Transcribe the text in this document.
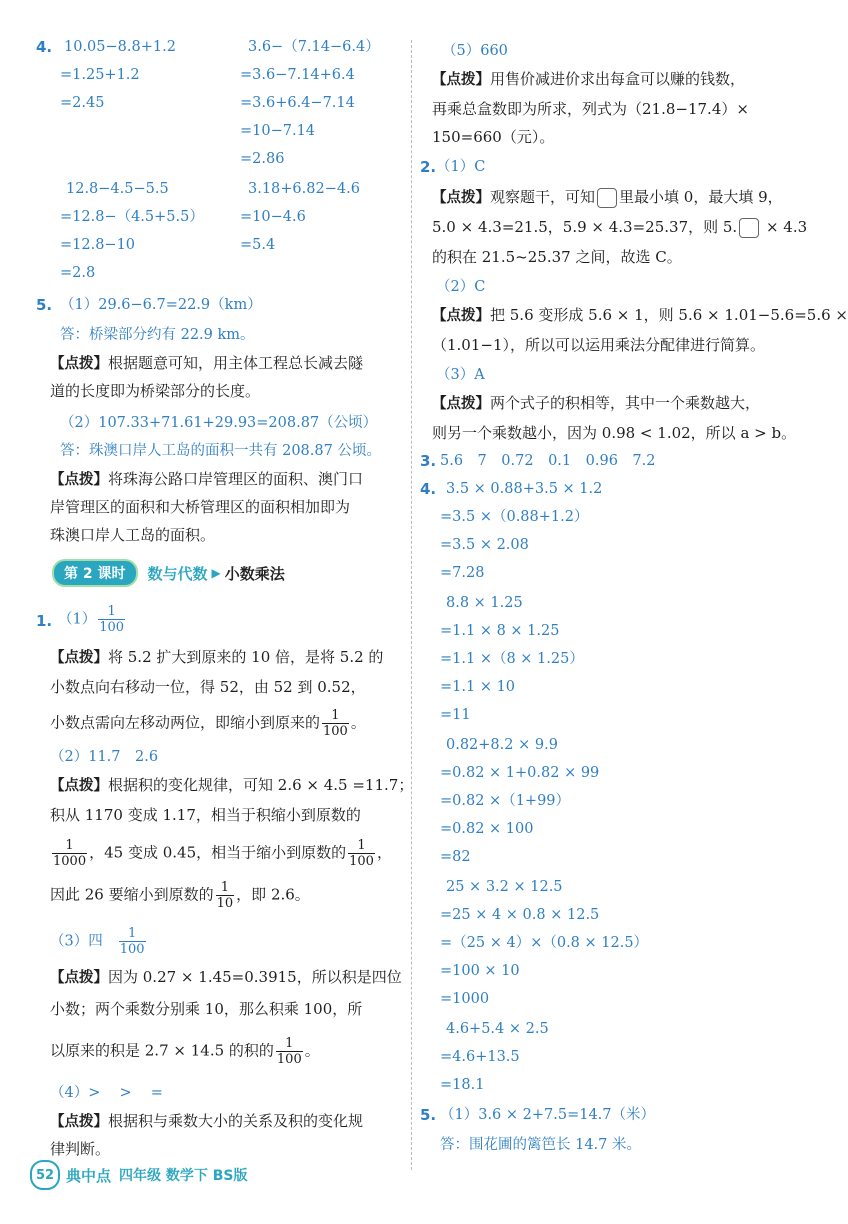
4. 10.05−8.8+1.2
=1.25+1.2
=2.45
3.6−（7.14−6.4）
=3.6−7.14+6.4
=3.6+6.4−7.14
=10−7.14
=2.86
12.8−4.5−5.5
=12.8−（4.5+5.5）
=12.8−10
=2.8
3.18+6.82−4.6
=10−4.6
=5.4
5. （1）29.6−6.7=22.9（km）
答：桥梁部分约有 22.9 km。
【点拨】根据题意可知，用主体工程总长减去隧
道的长度即为桥梁部分的长度。
（2）107.33+71.61+29.93=208.87（公顷）
答：珠澳口岸人工岛的面积一共有 208.87 公顷。
【点拨】将珠海公路口岸管理区的面积、澳门口
岸管理区的面积和大桥管理区的面积相加即为
珠澳口岸人工岛的面积。
1. $(1) \frac{1}{100}$
【点拨】将 5.2 扩大到原来的 10 倍，是将 5.2 的
小数点向右移动一位，得 52，由 52 到 0.52，
小数点需向左移动两位，即缩小到原来的 $\frac{1}{100}$ 。
（2）11.7　2.6
【点拨】根据积的变化规律，可知 2.6 × 4.5 =11.7；
积从 1170 变成 1.17，相当于积缩小到原数的
$\frac{1}{1000}$ ，45 变成 0.45，相当于缩小到原数的 $\frac{1}{100}$ ，
因此 26 要缩小到原数的 $\frac{1}{10}$ ，即 2.6。
（3）四 $\frac{1}{100}$
【点拨】因为 0.27 × 1.45=0.3915，所以积是四位
小数；两个乘数分别乘 10，那么积乘 100，所
以原来的积是 2.7 × 14.5 的积的 $\frac{1}{100}$ 。
（4）>　 >　 =
【点拨】根据积与乘数大小的关系及积的变化规
律判断。
第 2 课时	数与代数 ▶ 小数乘法
（5）660
【点拨】用售价减进价求出每盒可以赚的钱数，
再乘总盒数即为所求，列式为（21.8−17.4）×
150=660（元）。
2. （1）C
【点拨】观察题干，可知 里最小填 0，最大填 9，
5.0 × 4.3=21.5，5.9 × 4.3=25.37，则 5. × 4.3
的积在 21.5~25.37 之间，故选 C。
（2）C
【点拨】把 5.6 变形成 5.6 × 1，则 5.6 × 1.01−5.6=5.6 ×
（1.01−1），所以可以运用乘法分配律进行简算。
（3）A
【点拨】两个式子的积相等，其中一个乘数越大，
则另一个乘数越小，因为 0.98 < 1.02，所以 a > b。
3. 5.6　7　0.72　0.1　0.96　7.2
4. 3.5 × 0.88+3.5 × 1.2
=3.5 ×（0.88+1.2）
=3.5 × 2.08
=7.28
8.8 × 1.25
=1.1 × 8 × 1.25
=1.1 ×（8 × 1.25）
=1.1 × 10
=11
0.82+8.2 × 9.9
=0.82 × 1+0.82 × 99
=0.82 ×（1+99）
=0.82 × 100
=82
25 × 3.2 × 12.5
=25 × 4 × 0.8 × 12.5
=（25 × 4）×（0.8 × 12.5）
=100 × 10
=1000
4.6+5.4 × 2.5
=4.6+13.5
=18.1
5. （1）3.6 × 2+7.5=14.7（米）
答：围花圃的篱笆长 14.7 米。
52 典中点 四年级 数学下 BS版
